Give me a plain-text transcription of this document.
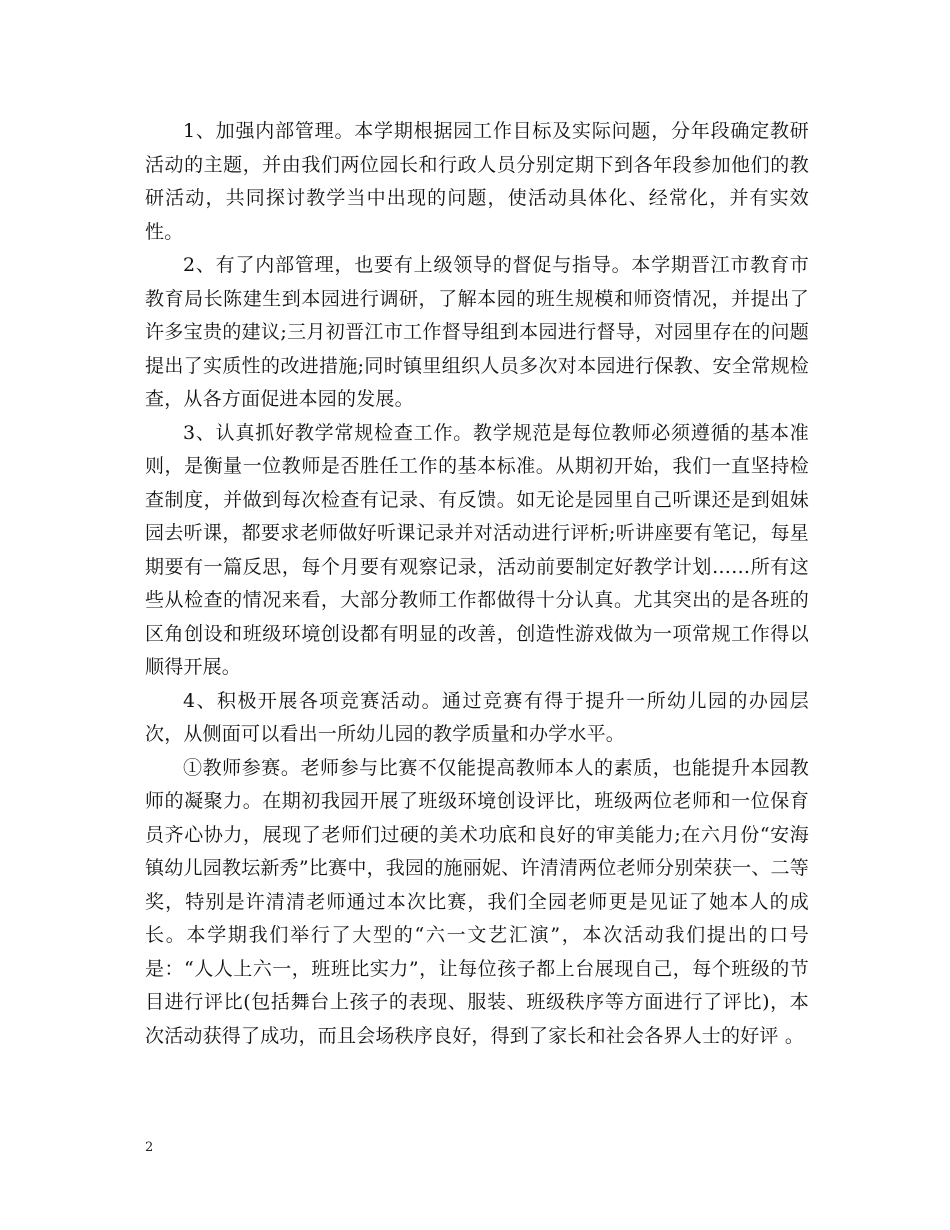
1、加强内部管理。本学期根据园工作目标及实际问题，分年段确定教研活动的主题，并由我们两位园长和行政人员分别定期下到各年段参加他们的教研活动，共同探讨教学当中出现的问题，使活动具体化、经常化，并有实效性。

2、有了内部管理，也要有上级领导的督促与指导。本学期晋江市教育市教育局长陈建生到本园进行调研，了解本园的班生规模和师资情况，并提出了许多宝贵的建议;三月初晋江市工作督导组到本园进行督导，对园里存在的问题提出了实质性的改进措施;同时镇里组织人员多次对本园进行保教、安全常规检查，从各方面促进本园的发展。

3、认真抓好教学常规检查工作。教学规范是每位教师必须遵循的基本准则，是衡量一位教师是否胜任工作的基本标准。从期初开始，我们一直坚持检查制度，并做到每次检查有记录、有反馈。如无论是园里自己听课还是到姐妹园去听课，都要求老师做好听课记录并对活动进行评析;听讲座要有笔记，每星期要有一篇反思，每个月要有观察记录，活动前要制定好教学计划……所有这些从检查的情况来看，大部分教师工作都做得十分认真。尤其突出的是各班的区角创设和班级环境创设都有明显的改善，创造性游戏做为一项常规工作得以顺得开展。

4、积极开展各项竞赛活动。通过竞赛有得于提升一所幼儿园的办园层次，从侧面可以看出一所幼儿园的教学质量和办学水平。

①教师参赛。老师参与比赛不仅能提高教师本人的素质，也能提升本园教师的凝聚力。在期初我园开展了班级环境创设评比，班级两位老师和一位保育员齐心协力，展现了老师们过硬的美术功底和良好的审美能力;在六月份“安海镇幼儿园教坛新秀”比赛中，我园的施丽妮、许清清两位老师分别荣获一、二等奖，特别是许清清老师通过本次比赛，我们全园老师更是见证了她本人的成长。本学期我们举行了大型的“六一文艺汇演”，本次活动我们提出的口号是：“人人上六一，班班比实力”，让每位孩子都上台展现自己，每个班级的节目进行评比(包括舞台上孩子的表现、服装、班级秩序等方面进行了评比)，本次活动获得了成功，而且会场秩序良好，得到了家长和社会各界人士的好评 。

2
